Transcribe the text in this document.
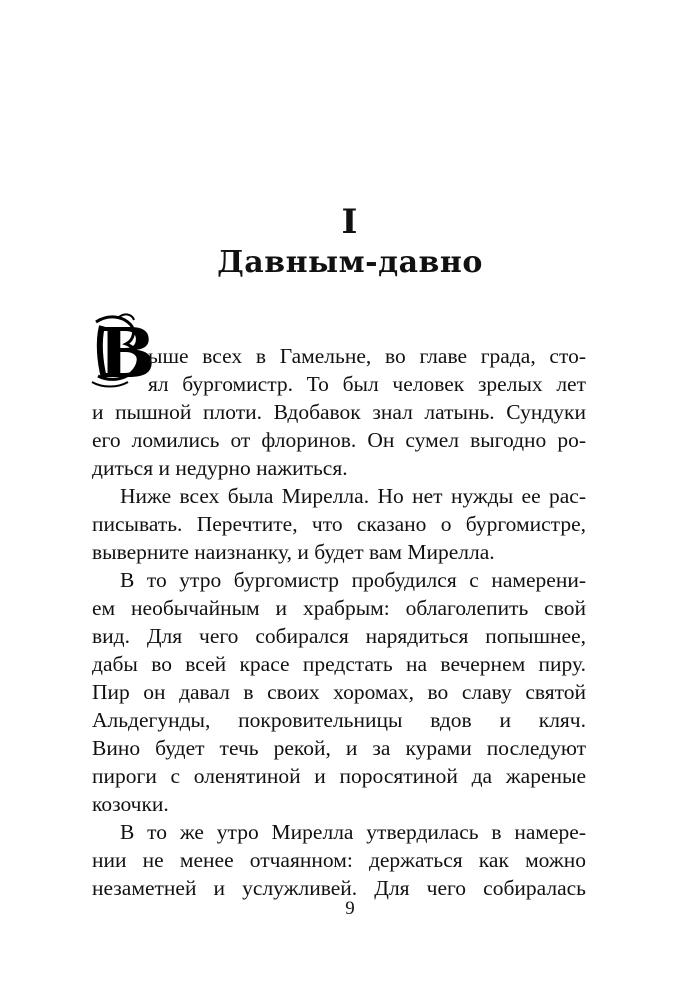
I
Давным-давно
В
ыше всех в Гамельне, во главе града, сто-
ял бургомистр. То был человек зрелых лет
и пышной плоти. Вдобавок знал латынь. Сундуки
его ломились от флоринов. Он сумел выгодно ро-
диться и недурно нажиться.
Ниже всех была Мирелла. Но нет нужды ее рас-
писывать. Перечтите, что сказано о бургомистре,
выверните наизнанку, и будет вам Мирелла.
В то утро бургомистр пробудился с намерени-
ем необычайным и храбрым: облаголепить свой
вид. Для чего собирался нарядиться попышнее,
дабы во всей красе предстать на вечернем пиру.
Пир он давал в своих хоромах, во славу святой
Альдегунды, покровительницы вдов и кляч.
Вино будет течь рекой, и за курами последуют
пироги с оленятиной и поросятиной да жареные
козочки.
В то же утро Мирелла утвердилась в намере-
нии не менее отчаянном: держаться как можно
незаметней и услужливей. Для чего собиралась
9
